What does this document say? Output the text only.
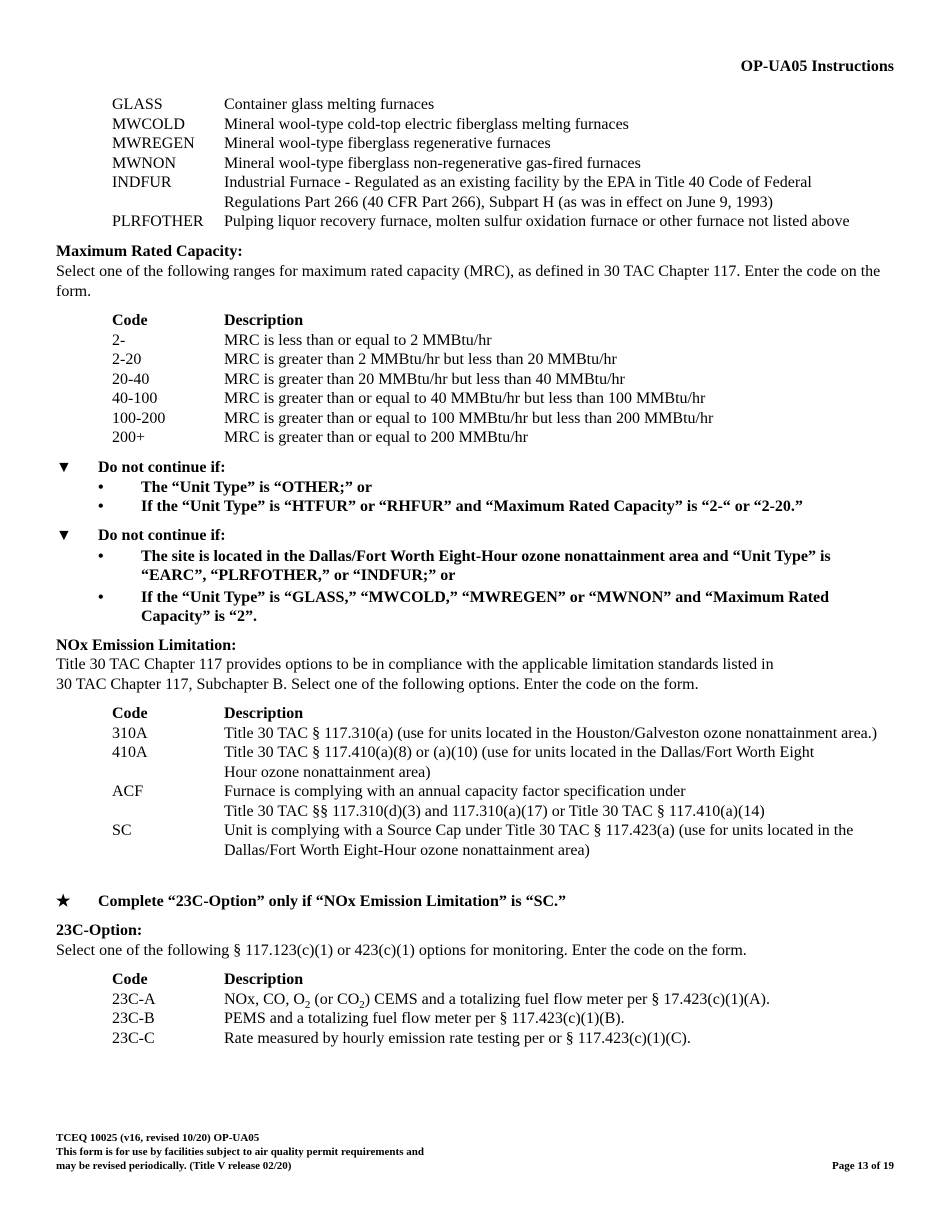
OP-UA05 Instructions
GLASS	Container glass melting furnaces
MWCOLD	Mineral wool-type cold-top electric fiberglass melting furnaces
MWREGEN	Mineral wool-type fiberglass regenerative furnaces
MWNON	Mineral wool-type fiberglass non-regenerative gas-fired furnaces
INDFUR	Industrial Furnace - Regulated as an existing facility by the EPA in Title 40 Code of Federal Regulations Part 266 (40 CFR Part 266), Subpart H (as was in effect on June 9, 1993)
PLRFOTHER	Pulping liquor recovery furnace, molten sulfur oxidation furnace or other furnace not listed above
Maximum Rated Capacity:
Select one of the following ranges for maximum rated capacity (MRC), as defined in 30 TAC Chapter 117. Enter the code on the form.
Code	Description
2-	MRC is less than or equal to 2 MMBtu/hr
2-20	MRC is greater than 2 MMBtu/hr but less than 20 MMBtu/hr
20-40	MRC is greater than 20 MMBtu/hr but less than 40 MMBtu/hr
40-100	MRC is greater than or equal to 40 MMBtu/hr but less than 100 MMBtu/hr
100-200	MRC is greater than or equal to 100 MMBtu/hr but less than 200 MMBtu/hr
200+	MRC is greater than or equal to 200 MMBtu/hr
▼ Do not continue if:
• The “Unit Type” is “OTHER;” or
• If the “Unit Type” is “HTFUR” or “RHFUR” and “Maximum Rated Capacity” is “2-“ or “2-20.”
▼ Do not continue if:
• The site is located in the Dallas/Fort Worth Eight-Hour ozone nonattainment area and “Unit Type” is “EARC”, “PLRFOTHER,” or “INDFUR;” or
• If the “Unit Type” is “GLASS,” “MWCOLD,” “MWREGEN” or “MWNON” and “Maximum Rated Capacity” is “2”.
NOx Emission Limitation:
Title 30 TAC Chapter 117 provides options to be in compliance with the applicable limitation standards listed in
30 TAC Chapter 117, Subchapter B. Select one of the following options. Enter the code on the form.
Code	Description
310A	Title 30 TAC § 117.310(a) (use for units located in the Houston/Galveston ozone nonattainment area.)
410A	Title 30 TAC § 117.410(a)(8) or (a)(10) (use for units located in the Dallas/Fort Worth Eight Hour ozone nonattainment area)
ACF	Furnace is complying with an annual capacity factor specification under
Title 30 TAC §§ 117.310(d)(3) and 117.310(a)(17) or Title 30 TAC § 117.410(a)(14)
SC	Unit is complying with a Source Cap under Title 30 TAC § 117.423(a) (use for units located in the Dallas/Fort Worth Eight-Hour ozone nonattainment area)
★	Complete “23C-Option” only if “NOx Emission Limitation” is “SC.”
23C-Option:
Select one of the following § 117.123(c)(1) or 423(c)(1) options for monitoring. Enter the code on the form.
Code	Description
23C-A	NOx, CO, $O_2$ (or $CO_2$) CEMS and a totalizing fuel flow meter per § 17.423(c)(1)(A).
23C-B	PEMS and a totalizing fuel flow meter per § 117.423(c)(1)(B).
23C-C	Rate measured by hourly emission rate testing per or § 117.423(c)(1)(C).
TCEQ 10025 (v16, revised 10/20) OP-UA05
This form is for use by facilities subject to air quality permit requirements and
may be revised periodically. (Title V release 02/20)	Page 13 of 19
